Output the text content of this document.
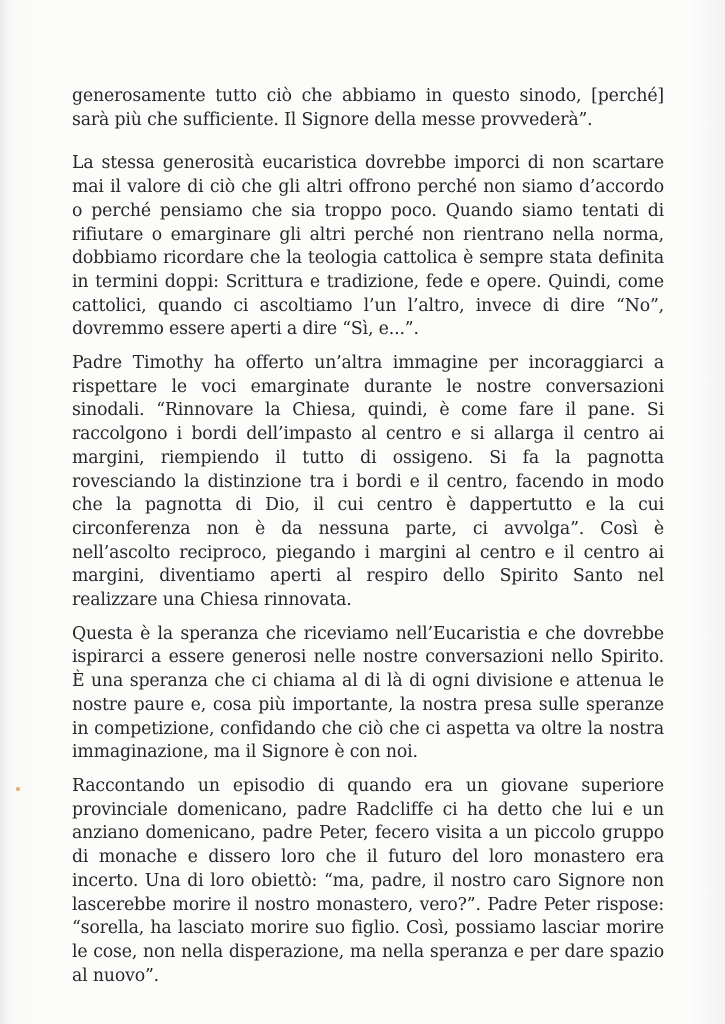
generosamente tutto ciò che abbiamo in questo sinodo, [perché] sarà più che sufficiente. Il Signore della messe provvederà”.

La stessa generosità eucaristica dovrebbe imporci di non scartare mai il valore di ciò che gli altri offrono perché non siamo d’accordo o perché pensiamo che sia troppo poco. Quando siamo tentati di rifiutare o emarginare gli altri perché non rientrano nella norma, dobbiamo ricordare che la teologia cattolica è sempre stata definita in termini doppi: Scrittura e tradizione, fede e opere. Quindi, come cattolici, quando ci ascoltiamo l’un l’altro, invece di dire “No”, dovremmo essere aperti a dire “Sì, e...”.

Padre Timothy ha offerto un’altra immagine per incoraggiarci a rispettare le voci emarginate durante le nostre conversazioni sinodali. “Rinnovare la Chiesa, quindi, è come fare il pane. Si raccolgono i bordi dell’impasto al centro e si allarga il centro ai margini, riempiendo il tutto di ossigeno. Si fa la pagnotta rovesciando la distinzione tra i bordi e il centro, facendo in modo che la pagnotta di Dio, il cui centro è dappertutto e la cui circonferenza non è da nessuna parte, ci avvolga”. Così è nell’ascolto reciproco, piegando i margini al centro e il centro ai margini, diventiamo aperti al respiro dello Spirito Santo nel realizzare una Chiesa rinnovata.

Questa è la speranza che riceviamo nell’Eucaristia e che dovrebbe ispirarci a essere generosi nelle nostre conversazioni nello Spirito. È una speranza che ci chiama al di là di ogni divisione e attenua le nostre paure e, cosa più importante, la nostra presa sulle speranze in competizione, confidando che ciò che ci aspetta va oltre la nostra immaginazione, ma il Signore è con noi.

Raccontando un episodio di quando era un giovane superiore provinciale domenicano, padre Radcliffe ci ha detto che lui e un anziano domenicano, padre Peter, fecero visita a un piccolo gruppo di monache e dissero loro che il futuro del loro monastero era incerto. Una di loro obiettò: “ma, padre, il nostro caro Signore non lascerebbe morire il nostro monastero, vero?”. Padre Peter rispose: “sorella, ha lasciato morire suo figlio. Così, possiamo lasciar morire le cose, non nella disperazione, ma nella speranza e per dare spazio al nuovo”.
